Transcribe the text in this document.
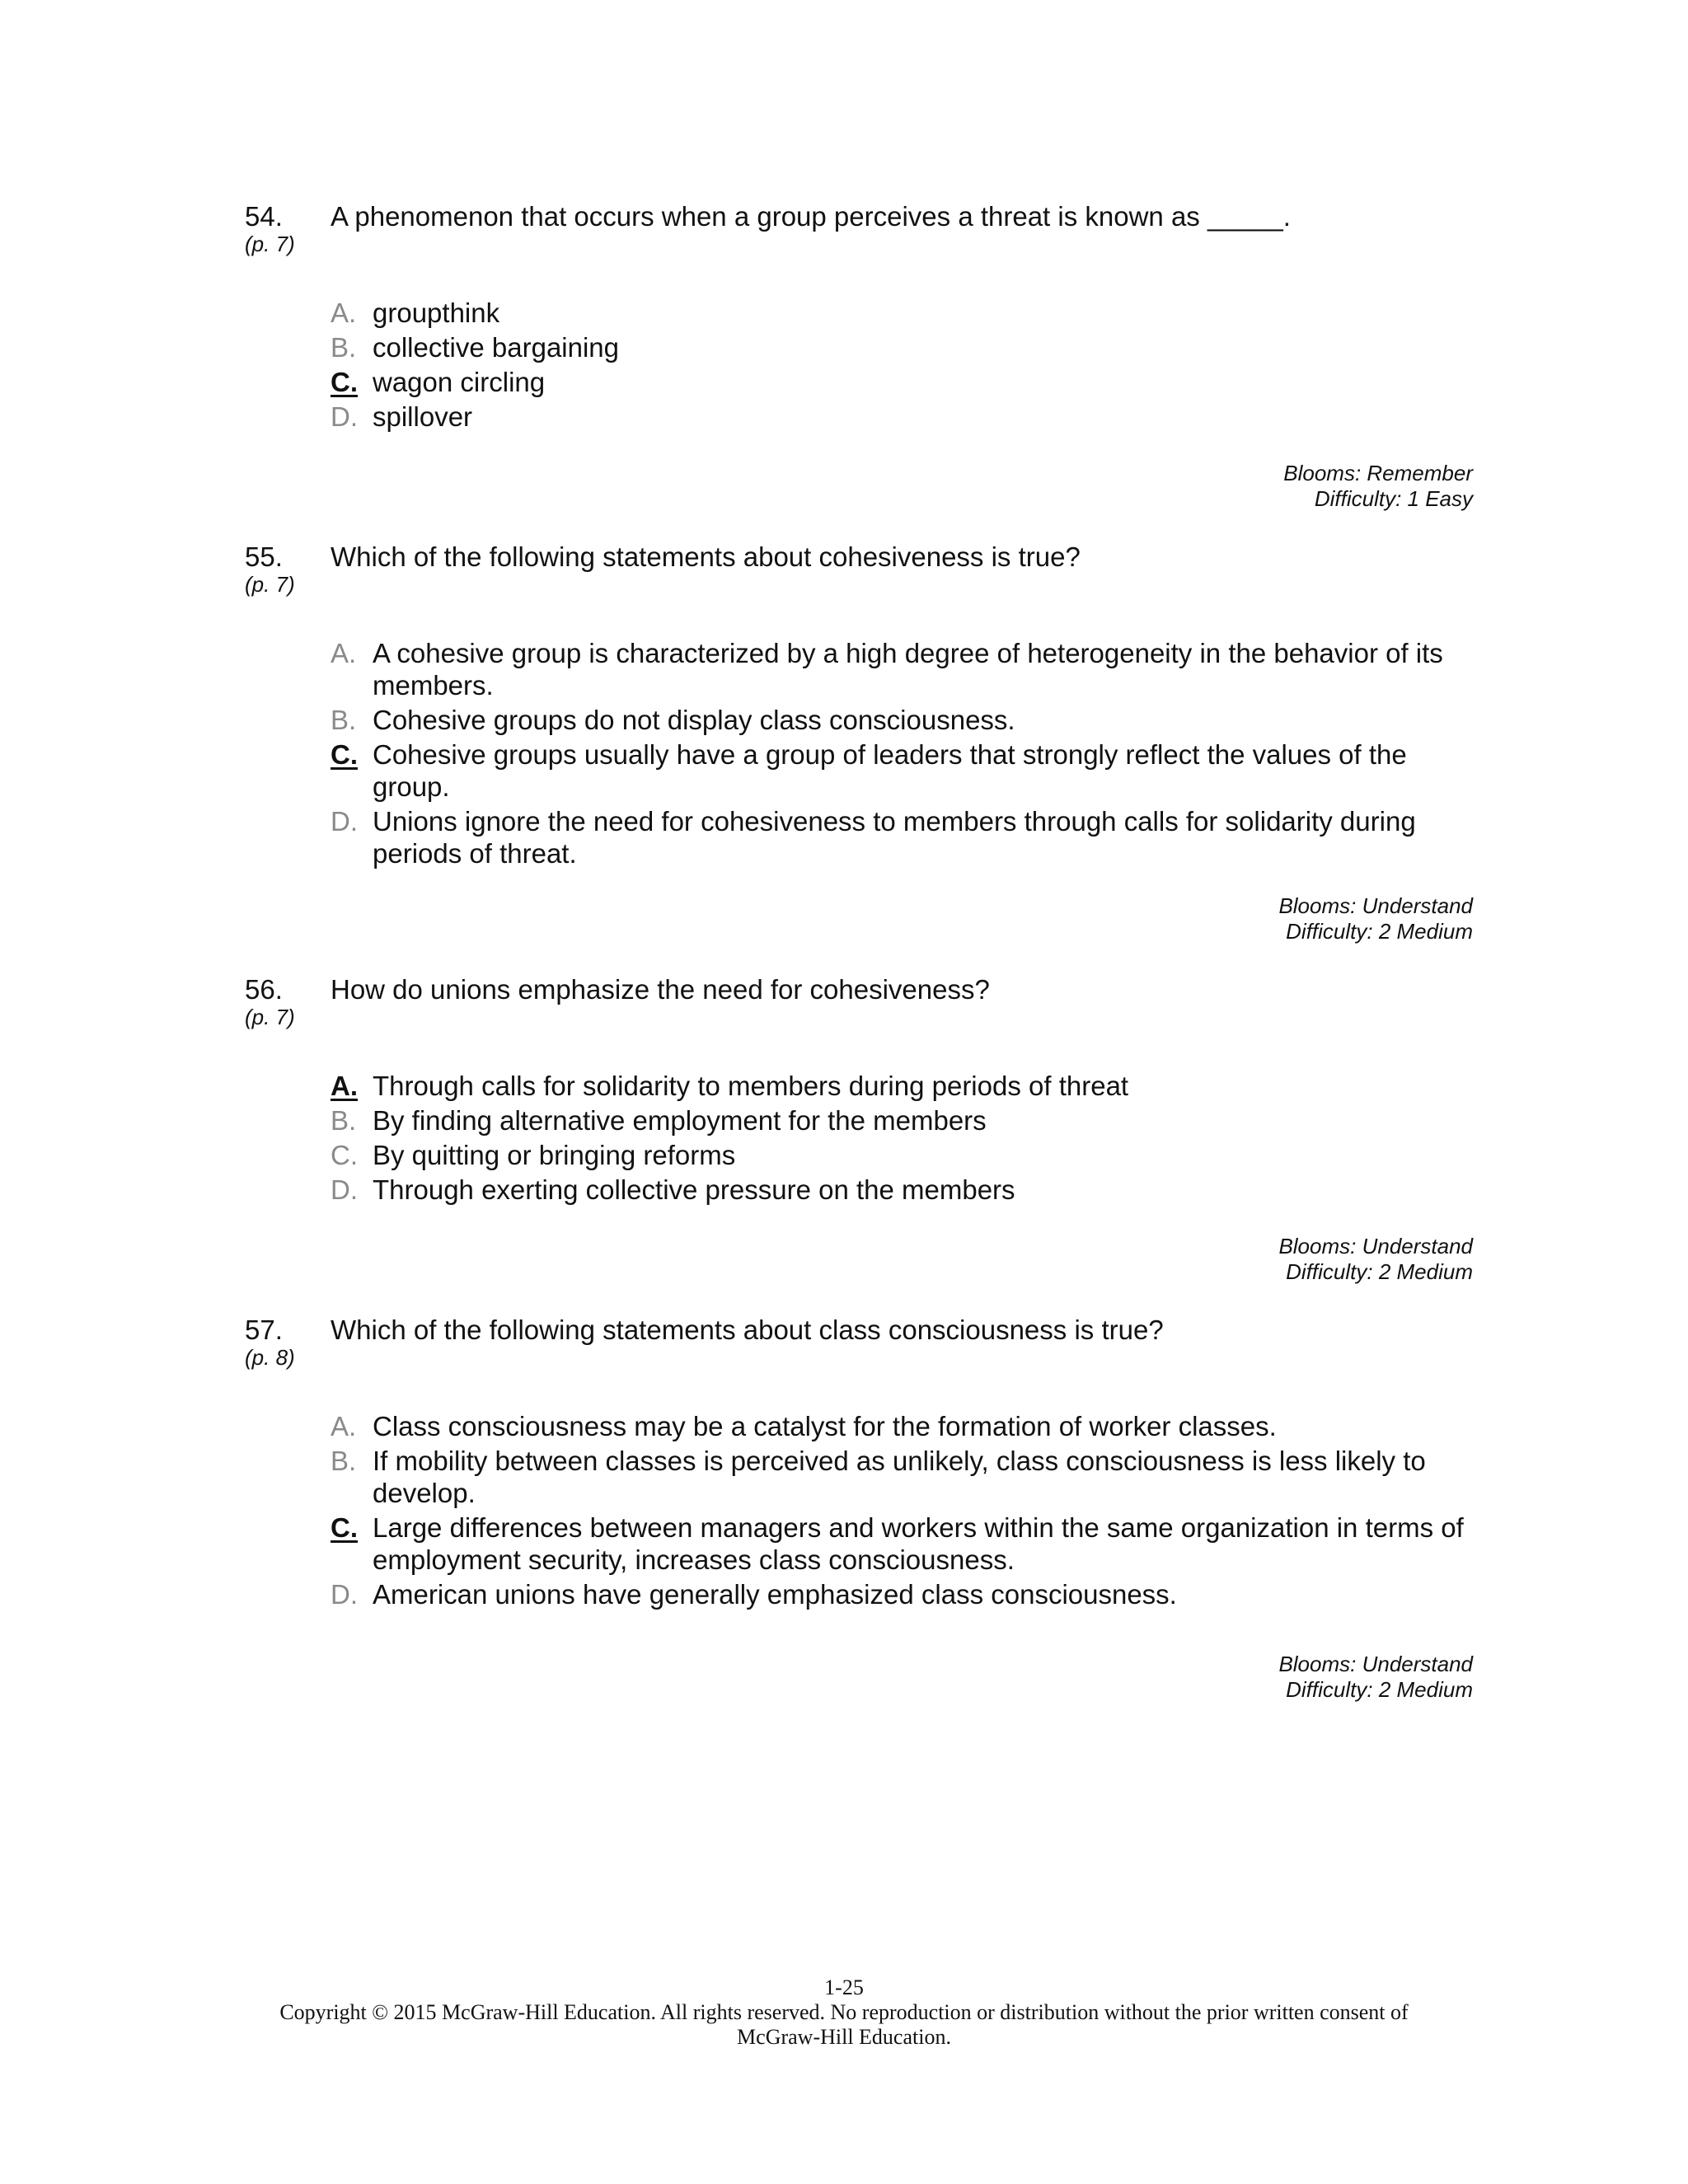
54.
(p. 7)
A phenomenon that occurs when a group perceives a threat is known as _____.
A. groupthink
B. collective bargaining
C. wagon circling
D. spillover
Blooms: Remember
Difficulty: 1 Easy
55.
(p. 7)
Which of the following statements about cohesiveness is true?
A. A cohesive group is characterized by a high degree of heterogeneity in the behavior of its members.
B. Cohesive groups do not display class consciousness.
C. Cohesive groups usually have a group of leaders that strongly reflect the values of the group.
D. Unions ignore the need for cohesiveness to members through calls for solidarity during periods of threat.
Blooms: Understand
Difficulty: 2 Medium
56.
(p. 7)
How do unions emphasize the need for cohesiveness?
A. Through calls for solidarity to members during periods of threat
B. By finding alternative employment for the members
C. By quitting or bringing reforms
D. Through exerting collective pressure on the members
Blooms: Understand
Difficulty: 2 Medium
57.
(p. 8)
Which of the following statements about class consciousness is true?
A. Class consciousness may be a catalyst for the formation of worker classes.
B. If mobility between classes is perceived as unlikely, class consciousness is less likely to develop.
C. Large differences between managers and workers within the same organization in terms of employment security, increases class consciousness.
D. American unions have generally emphasized class consciousness.
Blooms: Understand
Difficulty: 2 Medium
1-25
Copyright © 2015 McGraw-Hill Education. All rights reserved. No reproduction or distribution without the prior written consent of
McGraw-Hill Education.
